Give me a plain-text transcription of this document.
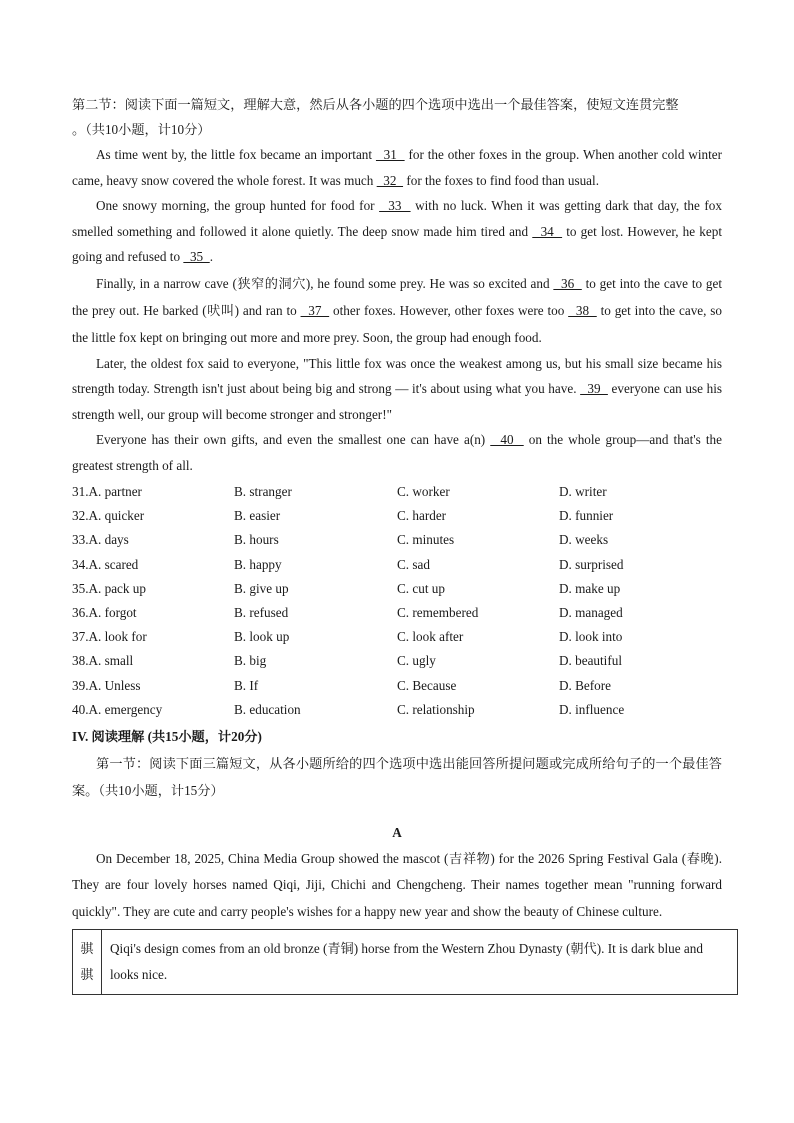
第二节：阅读下面一篇短文，理解大意，然后从各小题的四个选项中选出一个最佳答案，使短文连贯完整
。（共10小题，计10分）

As time went by, the little fox became an important   31   for the other foxes in the group. When another cold winter came, heavy snow covered the whole forest. It was much   32   for the foxes to find food than usual.

One snowy morning, the group hunted for food for   33   with no luck. When it was getting dark that day, the fox smelled something and followed it alone quietly. The deep snow made him tired and   34   to get lost. However, he kept going and refused to   35  .

Finally, in a narrow cave (狭窄的洞穴), he found some prey. He was so excited and   36   to get into the cave to get the prey out. He barked (吠叫) and ran to   37   other foxes. However, other foxes were too   38   to get into the cave, so the little fox kept on bringing out more and more prey. Soon, the group had enough food.

Later, the oldest fox said to everyone, "This little fox was once the weakest among us, but his small size became his strength today. Strength isn't just about being big and strong — it's about using what you have.   39   everyone can use his strength well, our group will become stronger and stronger!"

Everyone has their own gifts, and even the smallest one can have a(n)   40   on the whole group—and that's the greatest strength of all.

31.A. partner	B. stranger	C. worker	D. writer
32.A. quicker	B. easier	C. harder	D. funnier
33.A. days	B. hours	C. minutes	D. weeks
34.A. scared	B. happy	C. sad	D. surprised
35.A. pack up	B. give up	C. cut up	D. make up
36.A. forgot	B. refused	C. remembered	D. managed
37.A. look for	B. look up	C. look after	D. look into
38.A. small	B. big	C. ugly	D. beautiful
39.A. Unless	B. If	C. Because	D. Before
40.A. emergency	B. education	C. relationship	D. influence

IV. 阅读理解 (共15小题，计20分)

第一节：阅读下面三篇短文，从各小题所给的四个选项中选出能回答所提问题或完成所给句子的一个最佳答案。（共10小题，计15分）

A

On December 18, 2025, China Media Group showed the mascot (吉祥物) for the 2026 Spring Festival Gala (春晚). They are four lovely horses named Qiqi, Jiji, Chichi and Chengcheng. Their names together mean "running forward quickly". They are cute and carry people's wishes for a happy new year and show the beauty of Chinese culture.

骐
骐
Qiqi's design comes from an old bronze (青铜) horse from the Western Zhou Dynasty (朝代). It is dark blue and looks nice.
